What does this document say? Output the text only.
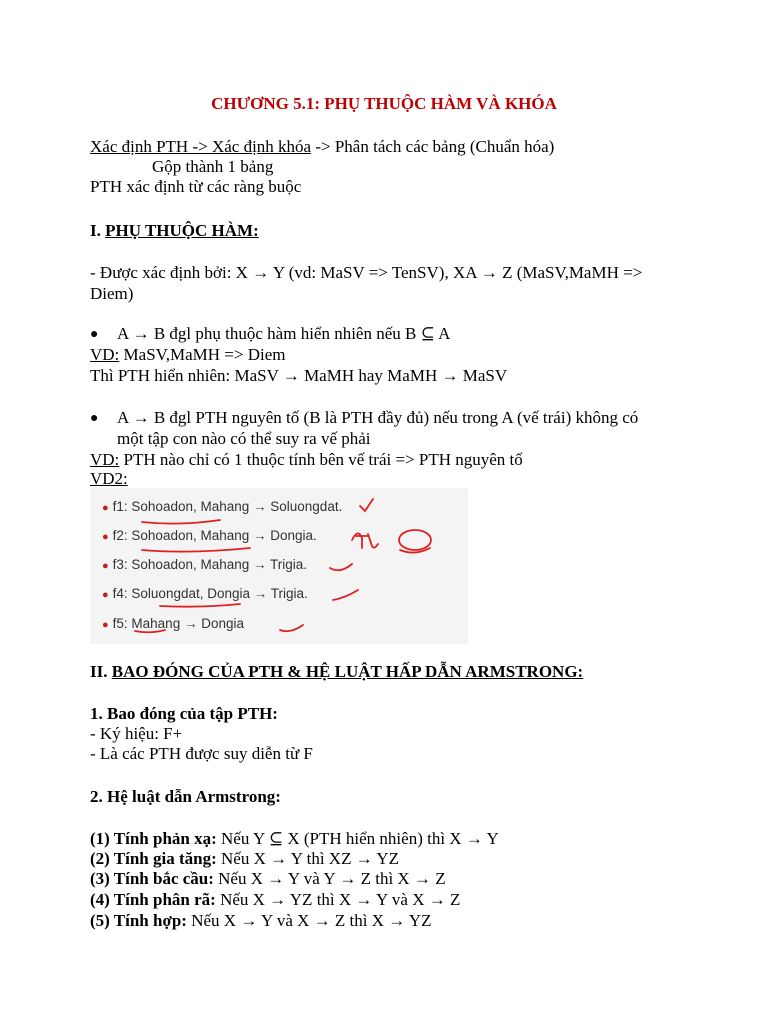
CHƯƠNG 5.1: PHỤ THUỘC HÀM VÀ KHÓA
Xác định PTH -> Xác định khóa -> Phân tách các bảng (Chuẩn hóa)
Gộp thành 1 bảng
PTH xác định từ các ràng buộc
I. PHỤ THUỘC HÀM:
- Được xác định bởi: X → Y (vd: MaSV => TenSV), XA → Z (MaSV,MaMH =>
Diem)
● A → B đgl phụ thuộc hàm hiển nhiên nếu B ⊆ A
VD: MaSV,MaMH => Diem
Thì PTH hiển nhiên: MaSV → MaMH hay MaMH → MaSV
● A → B đgl PTH nguyên tố (B là PTH đầy đủ) nếu trong A (vế trái) không có
một tập con nào có thể suy ra vế phải
VD: PTH nào chỉ có 1 thuộc tính bên vế trái => PTH nguyên tố
VD2:
● f1: Sohoadon, Mahang → Soluongdat.
● f2: Sohoadon, Mahang → Dongia.
● f3: Sohoadon, Mahang → Trigia.
● f4: Soluongdat, Dongia → Trigia.
● f5: Mahang → Dongia
II. BAO ĐÓNG CỦA PTH & HỆ LUẬT HẤP DẪN ARMSTRONG:
1. Bao đóng của tập PTH:
- Ký hiệu: F+
- Là các PTH được suy diễn từ F
2. Hệ luật dẫn Armstrong:
(1) Tính phản xạ: Nếu Y ⊆ X (PTH hiển nhiên) thì X → Y
(2) Tính gia tăng: Nếu X → Y thì XZ → YZ
(3) Tính bắc cầu: Nếu X → Y và Y → Z thì X → Z
(4) Tính phân rã: Nếu X → YZ thì X → Y và X → Z
(5) Tính hợp: Nếu X → Y và X → Z thì X → YZ
